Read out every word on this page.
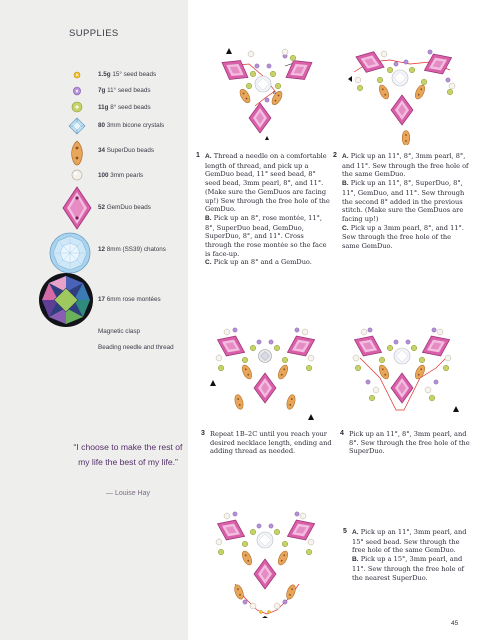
SUPPLIES
1.5g 15° seed beads
7g 11° seed beads
11g 8° seed beads
80 3mm bicone crystals
34 SuperDuo beads
100 3mm pearls
52 GemDuo beads
12 8mm (SS39) chatons
17 6mm rose montées
Magnetic clasp
Beading needle and thread
“I choose to make the rest of my life the best of my life.”
— Louise Hay
B
1 A. Thread a needle on a comfortable length of thread, and pick up a GemDuo bead, 11° seed bead, 8° seed bead, 3mm pearl, 8°, and 11°. (Make sure the GemDuos are facing up!) Sew through the free hole of the GemDuo.

B. Pick up an 8°, rose montée, 11°, 8°, SuperDuo bead, GemDuo, SuperDuo, 8°, and 11°. Cross through the rose montée so the face is face-up.

C. Pick up an 8° and a GemDuo.

2 A. Pick up an 11°, 8°, 3mm pearl, 8°, and 11°. Sew through the free hole of the same GemDuo.

B. Pick up an 11°, 8°, SuperDuo, 8°, 11°, GemDuo, and 11°. Sew through the second 8° added in the previous stitch. (Make sure the GemDuos are facing up!)

C. Pick up a 3mm pearl, 8°, and 11°. Sew through the free hole of the same GemDuo.

3 Repeat 1B–2C until you reach your desired necklace length, ending and adding thread as needed.

4 Pick up an 11°, 8°, 3mm pearl, and 8°. Sew through the free hole of the SuperDuo.

5 A. Pick up an 11°, 3mm pearl, and 15° seed bead. Sew through the free hole of the same GemDuo.

B. Pick up a 15°, 3mm pearl, and 11°. Sew through the free hole of the nearest SuperDuo.

45
